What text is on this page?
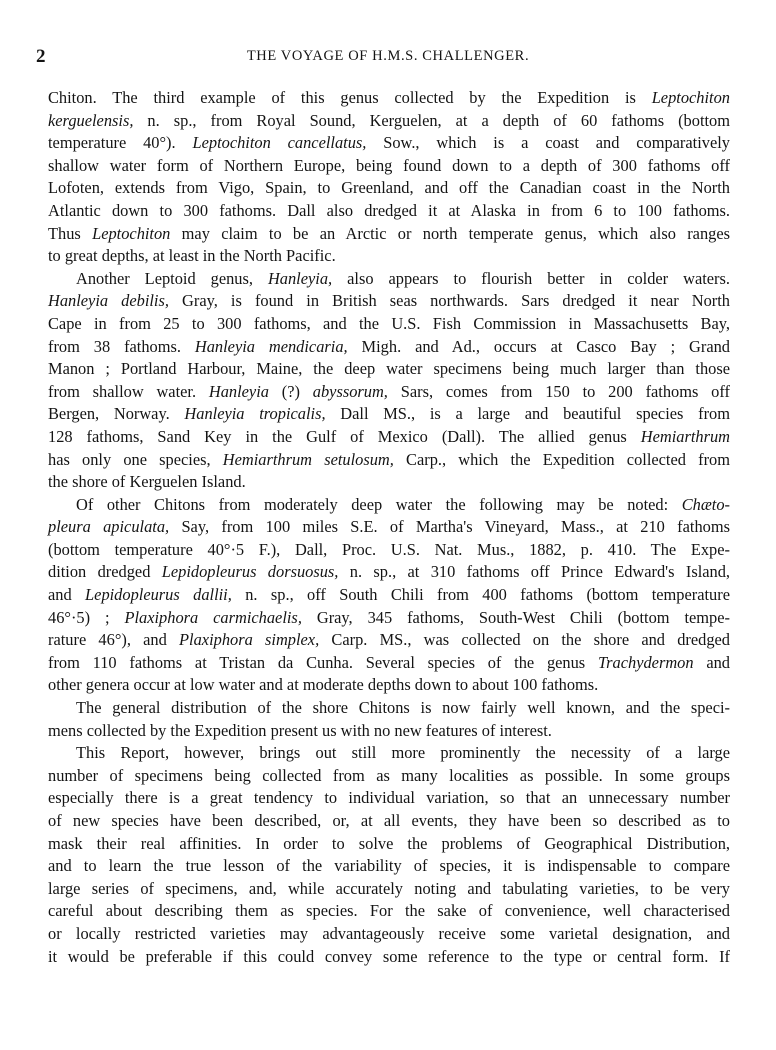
2	THE VOYAGE OF H.M.S. CHALLENGER.
Chiton. The third example of this genus collected by the Expedition is Leptochiton
kerguelensis, n. sp., from Royal Sound, Kerguelen, at a depth of 60 fathoms (bottom
temperature 40°). Leptochiton cancellatus, Sow., which is a coast and comparatively
shallow water form of Northern Europe, being found down to a depth of 300 fathoms off
Lofoten, extends from Vigo, Spain, to Greenland, and off the Canadian coast in the North
Atlantic down to 300 fathoms. Dall also dredged it at Alaska in from 6 to 100 fathoms.
Thus Leptochiton may claim to be an Arctic or north temperate genus, which also ranges
to great depths, at least in the North Pacific.
Another Leptoid genus, Hanleyia, also appears to flourish better in colder waters.
Hanleyia debilis, Gray, is found in British seas northwards. Sars dredged it near North
Cape in from 25 to 300 fathoms, and the U.S. Fish Commission in Massachusetts Bay,
from 38 fathoms. Hanleyia mendicaria, Migh. and Ad., occurs at Casco Bay ; Grand
Manon ; Portland Harbour, Maine, the deep water specimens being much larger than those
from shallow water. Hanleyia (?) abyssorum, Sars, comes from 150 to 200 fathoms off
Bergen, Norway. Hanleyia tropicalis, Dall MS., is a large and beautiful species from
128 fathoms, Sand Key in the Gulf of Mexico (Dall). The allied genus Hemiarthrum
has only one species, Hemiarthrum setulosum, Carp., which the Expedition collected from
the shore of Kerguelen Island.
Of other Chitons from moderately deep water the following may be noted: Chæto-
pleura apiculata, Say, from 100 miles S.E. of Martha's Vineyard, Mass., at 210 fathoms
(bottom temperature 40°·5 F.), Dall, Proc. U.S. Nat. Mus., 1882, p. 410. The Expe-
dition dredged Lepidopleurus dorsuosus, n. sp., at 310 fathoms off Prince Edward's Island,
and Lepidopleurus dallii, n. sp., off South Chili from 400 fathoms (bottom temperature
46°·5) ; Plaxiphora carmichaelis, Gray, 345 fathoms, South-West Chili (bottom tempe-
rature 46°), and Plaxiphora simplex, Carp. MS., was collected on the shore and dredged
from 110 fathoms at Tristan da Cunha. Several species of the genus Trachydermon and
other genera occur at low water and at moderate depths down to about 100 fathoms.
The general distribution of the shore Chitons is now fairly well known, and the speci-
mens collected by the Expedition present us with no new features of interest.
This Report, however, brings out still more prominently the necessity of a large
number of specimens being collected from as many localities as possible. In some groups
especially there is a great tendency to individual variation, so that an unnecessary number
of new species have been described, or, at all events, they have been so described as to
mask their real affinities. In order to solve the problems of Geographical Distribution,
and to learn the true lesson of the variability of species, it is indispensable to compare
large series of specimens, and, while accurately noting and tabulating varieties, to be very
careful about describing them as species. For the sake of convenience, well characterised
or locally restricted varieties may advantageously receive some varietal designation, and
it would be preferable if this could convey some reference to the type or central form. If
